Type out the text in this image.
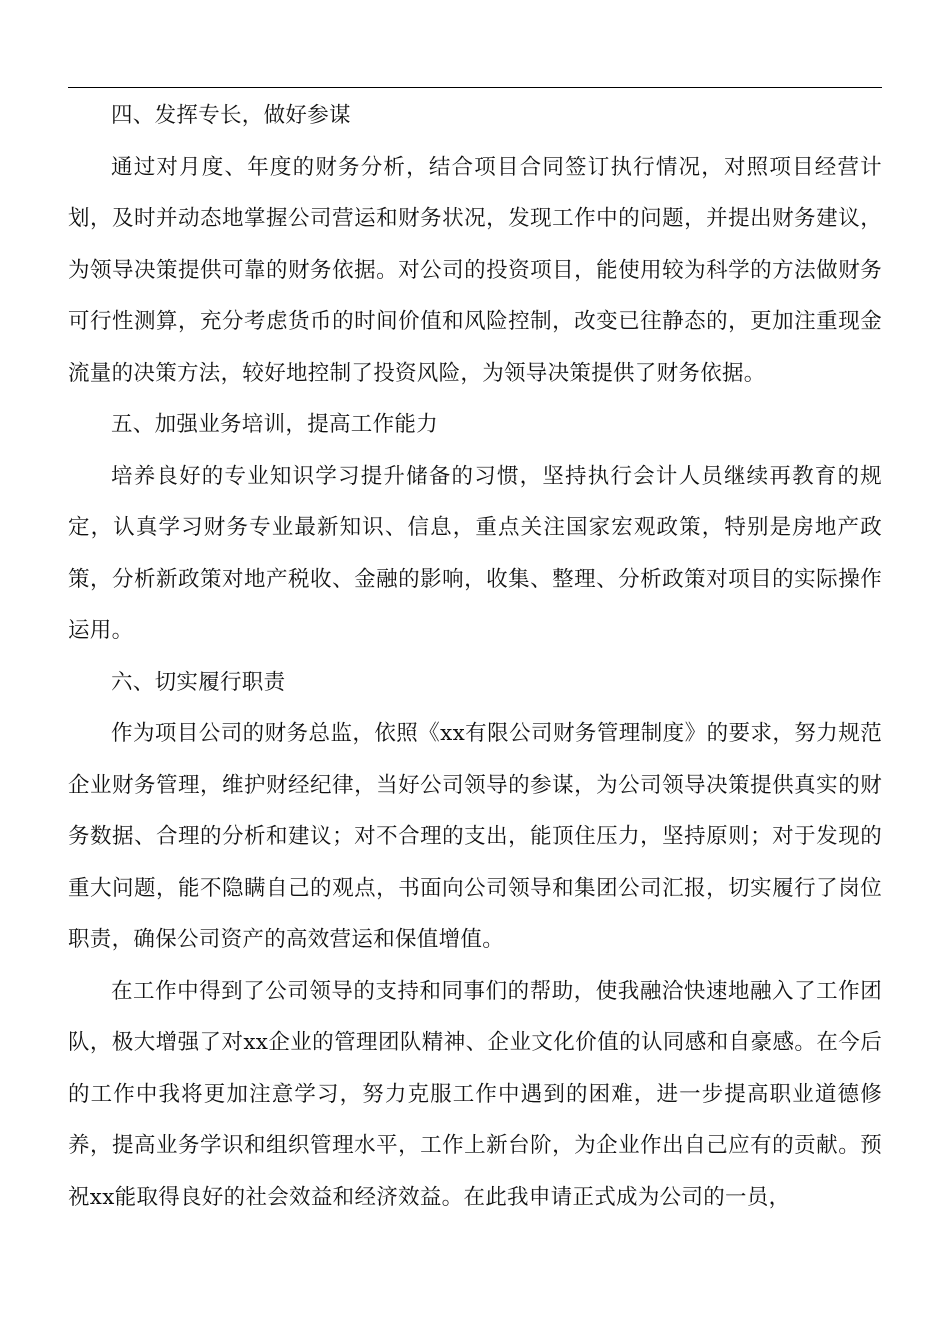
四、发挥专长，做好参谋

通过对月度、年度的财务分析，结合项目合同签订执行情况，对照项目经营计划，及时并动态地掌握公司营运和财务状况，发现工作中的问题，并提出财务建议，为领导决策提供可靠的财务依据。对公司的投资项目，能使用较为科学的方法做财务可行性测算，充分考虑货币的时间价值和风险控制，改变已往静态的，更加注重现金流量的决策方法，较好地控制了投资风险，为领导决策提供了财务依据。

五、加强业务培训，提高工作能力

培养良好的专业知识学习提升储备的习惯，坚持执行会计人员继续再教育的规定，认真学习财务专业最新知识、信息，重点关注国家宏观政策，特别是房地产政策，分析新政策对地产税收、金融的影响，收集、整理、分析政策对项目的实际操作运用。

六、切实履行职责

作为项目公司的财务总监，依照《xx有限公司财务管理制度》的要求，努力规范企业财务管理，维护财经纪律，当好公司领导的参谋，为公司领导决策提供真实的财务数据、合理的分析和建议；对不合理的支出，能顶住压力，坚持原则；对于发现的重大问题，能不隐瞒自己的观点，书面向公司领导和集团公司汇报，切实履行了岗位职责，确保公司资产的高效营运和保值增值。

在工作中得到了公司领导的支持和同事们的帮助，使我融洽快速地融入了工作团队，极大增强了对xx企业的管理团队精神、企业文化价值的认同感和自豪感。在今后的工作中我将更加注意学习，努力克服工作中遇到的困难，进一步提高职业道德修养，提高业务学识和组织管理水平，工作上新台阶，为企业作出自己应有的贡献。预祝xx能取得良好的社会效益和经济效益。在此我申请正式成为公司的一员，
